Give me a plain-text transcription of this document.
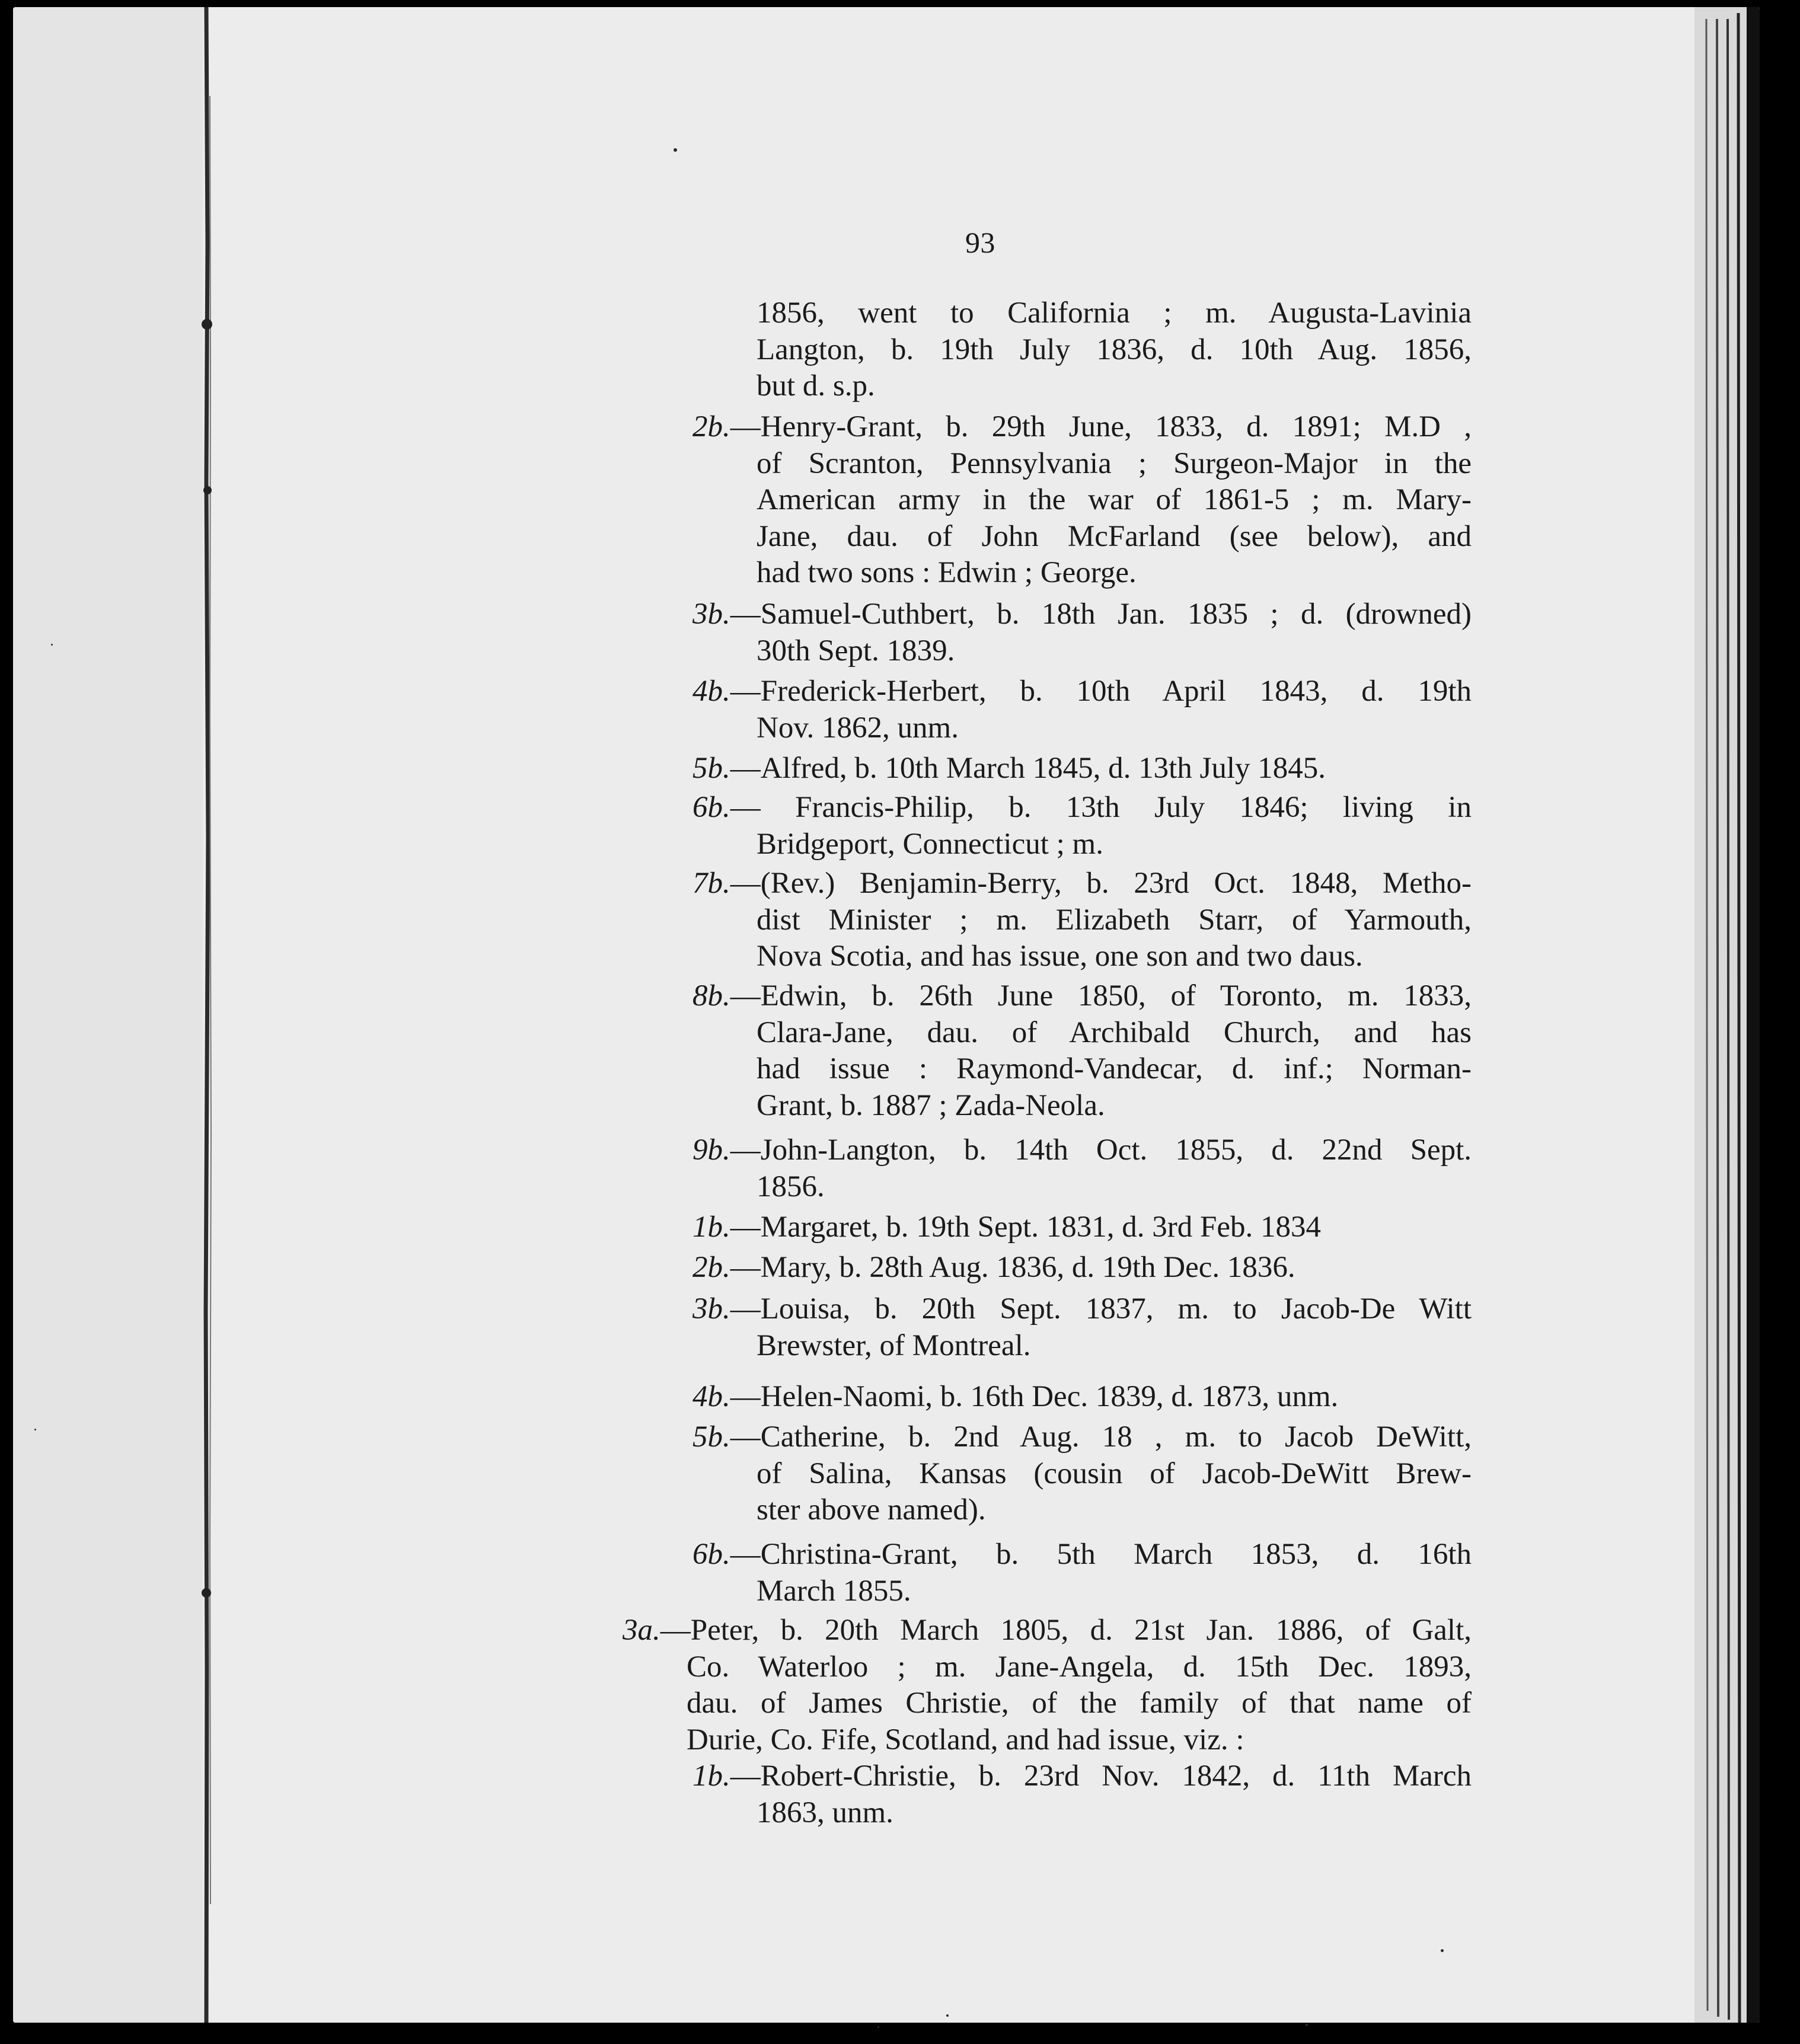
93
1856, went to California ; m. Augusta-Lavinia
Langton, b. 19th July 1836, d. 10th Aug. 1856,
but d. s.p.
2b.—Henry-Grant, b. 29th June, 1833, d. 1891; M.D ,
of Scranton, Pennsylvania ; Surgeon-Major in the
American army in the war of 1861-5 ; m. Mary-
Jane, dau. of John McFarland (see below), and
had two sons : Edwin ; George.
3b.—Samuel-Cuthbert, b. 18th Jan. 1835 ; d. (drowned)
30th Sept. 1839.
4b.—Frederick-Herbert, b. 10th April 1843, d. 19th
Nov. 1862, unm.
5b.—Alfred, b. 10th March 1845, d. 13th July 1845.
6b.— Francis-Philip, b. 13th July 1846; living in
Bridgeport, Connecticut ; m.
7b.—(Rev.) Benjamin-Berry, b. 23rd Oct. 1848, Metho-
dist Minister ; m. Elizabeth Starr, of Yarmouth,
Nova Scotia, and has issue, one son and two daus.
8b.—Edwin, b. 26th June 1850, of Toronto, m. 1833,
Clara-Jane, dau. of Archibald Church, and has
had issue : Raymond-Vandecar, d. inf.; Norman-
Grant, b. 1887 ; Zada-Neola.
9b.—John-Langton, b. 14th Oct. 1855, d. 22nd Sept.
1856.
1b.—Margaret, b. 19th Sept. 1831, d. 3rd Feb. 1834
2b.—Mary, b. 28th Aug. 1836, d. 19th Dec. 1836.
3b.—Louisa, b. 20th Sept. 1837, m. to Jacob-De Witt
Brewster, of Montreal.
4b.—Helen-Naomi, b. 16th Dec. 1839, d. 1873, unm.
5b.—Catherine, b. 2nd Aug. 18 , m. to Jacob DeWitt,
of Salina, Kansas (cousin of Jacob-DeWitt Brew-
ster above named).
6b.—Christina-Grant, b. 5th March 1853, d. 16th
March 1855.
3a.—Peter, b. 20th March 1805, d. 21st Jan. 1886, of Galt,
Co. Waterloo ; m. Jane-Angela, d. 15th Dec. 1893,
dau. of James Christie, of the family of that name of
Durie, Co. Fife, Scotland, and had issue, viz. :
1b.—Robert-Christie, b. 23rd Nov. 1842, d. 11th March
1863, unm.
